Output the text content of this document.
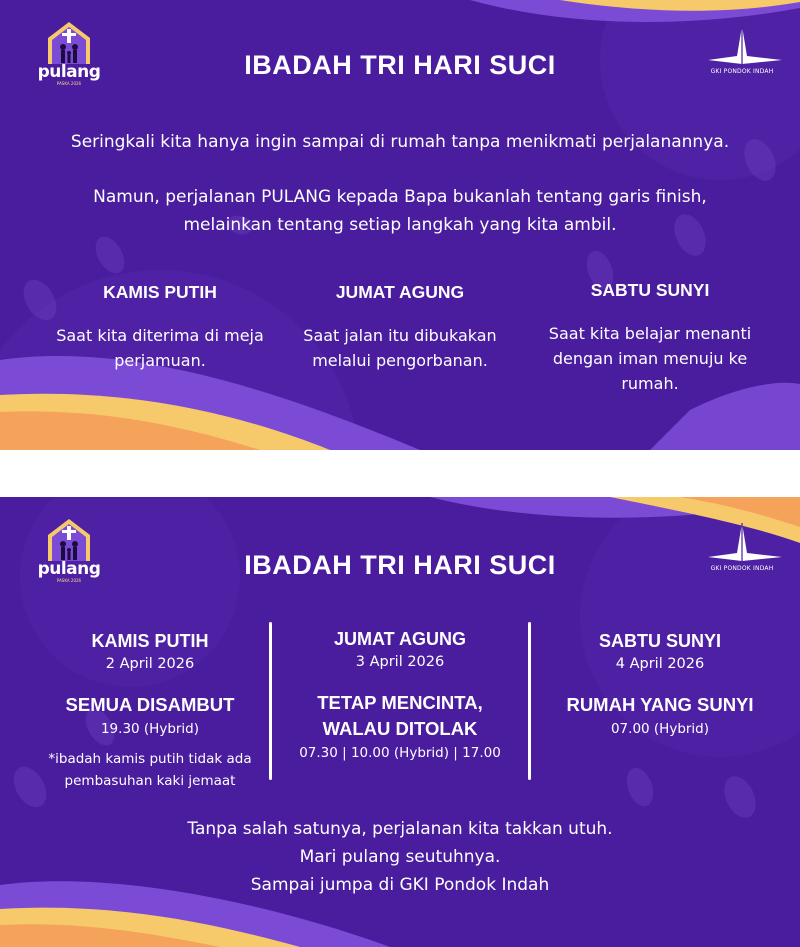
pulang
PASKA 2026
GKI PONDOK INDAH
IBADAH TRI HARI SUCI
Seringkali kita hanya ingin sampai di rumah tanpa menikmati perjalanannya.
Namun, perjalanan PULANG kepada Bapa bukanlah tentang garis finish,
melainkan tentang setiap langkah yang kita ambil.
KAMIS PUTIH
Saat kita diterima di meja
perjamuan.
JUMAT AGUNG
Saat jalan itu dibukakan
melalui pengorbanan.
SABTU SUNYI
Saat kita belajar menanti
dengan iman menuju ke
rumah.
pulang
PASKA 2026
GKI PONDOK INDAH
IBADAH TRI HARI SUCI
KAMIS PUTIH
2 April 2026
SEMUA DISAMBUT
19.30 (Hybrid)
*ibadah kamis putih tidak ada
pembasuhan kaki jemaat
JUMAT AGUNG
3 April 2026
TETAP MENCINTA,
WALAU DITOLAK
07.30 | 10.00 (Hybrid) | 17.00
SABTU SUNYI
4 April 2026
RUMAH YANG SUNYI
07.00 (Hybrid)
Tanpa salah satunya, perjalanan kita takkan utuh.
Mari pulang seutuhnya.
Sampai jumpa di GKI Pondok Indah
